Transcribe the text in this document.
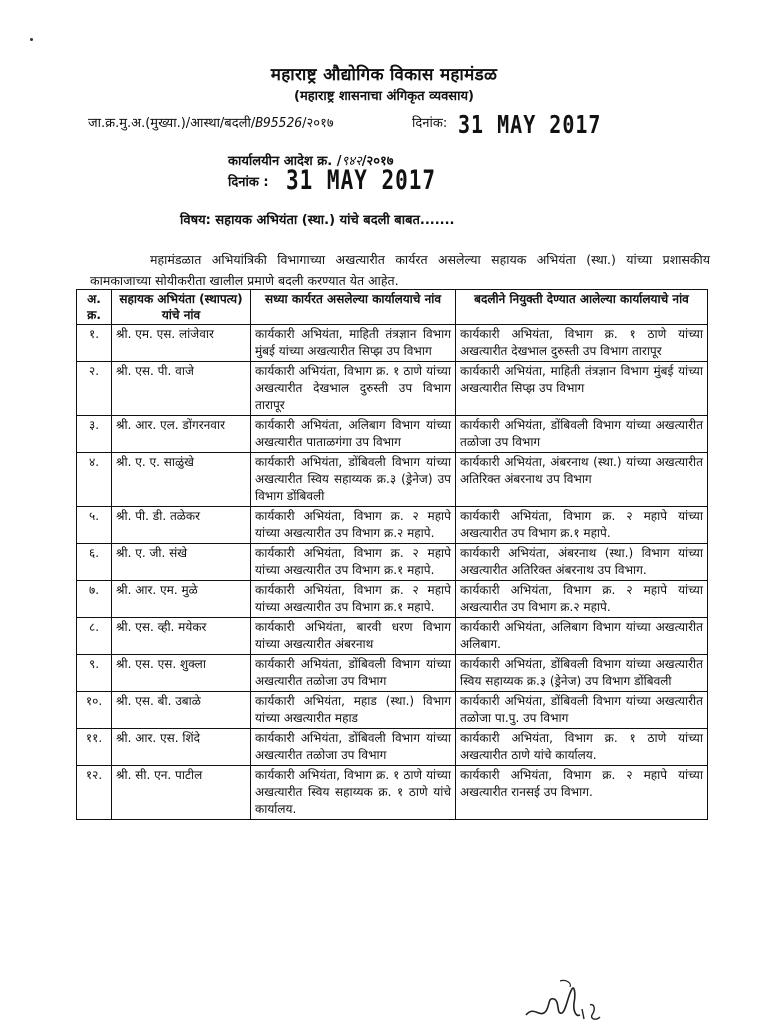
महाराष्ट्र औद्योगिक विकास महामंडळ
(महाराष्ट्र शासनाचा अंगिकृत व्यवसाय)
जा.क्र.मु.अ.(मुख्या.)/आस्था/बदली/B95526/२०१७	दिनांक: 31 MAY 2017
कार्यालयीन आदेश क्र. /९४२/२०१७
दिनांक : 31 MAY 2017
विषय: सहायक अभियंता (स्था.) यांचे बदली बाबत.......
महामंडळात अभियांत्रिकी विभागाच्या अखत्यारीत कार्यरत असलेल्या सहायक अभियंता (स्था.) यांच्या प्रशासकीय कामकाजाच्या सोयीकरीता खालील प्रमाणे बदली करण्यात येत आहेत.
अ. क्र.	सहायक अभियंता (स्थापत्य) यांचे नांव	सध्या कार्यरत असलेल्या कार्यालयाचे नांव	बदलीने नियुक्ती देण्यात आलेल्या कार्यालयाचे नांव
१.	श्री. एम. एस. लांजेवार	कार्यकारी अभियंता, माहिती तंत्रज्ञान विभाग मुंबई यांच्या अखत्यारीत सिप्झ उप विभाग	कार्यकारी अभियंता, विभाग क्र. १ ठाणे यांच्या अखत्यारीत देखभाल दुरुस्ती उप विभाग तारापूर
२.	श्री. एस. पी. वाजे	कार्यकारी अभियंता, विभाग क्र. १ ठाणे यांच्या अखत्यारीत देखभाल दुरुस्ती उप विभाग तारापूर	कार्यकारी अभियंता, माहिती तंत्रज्ञान विभाग मुंबई यांच्या अखत्यारीत सिप्झ उप विभाग
३.	श्री. आर. एल. डोंगरनवार	कार्यकारी अभियंता, अलिबाग विभाग यांच्या अखत्यारीत पाताळगंगा उप विभाग	कार्यकारी अभियंता, डोंबिवली विभाग यांच्या अखत्यारीत तळोजा उप विभाग
४.	श्री. ए. ए. साळुंखे	कार्यकारी अभियंता, डोंबिवली विभाग यांच्या अखत्यारीत स्विय सहाय्यक क्र.३ (ड्रेनेज) उप विभाग डोंबिवली	कार्यकारी अभियंता, अंबरनाथ (स्था.) यांच्या अखत्यारीत अतिरिक्त अंबरनाथ उप विभाग
५.	श्री. पी. डी. तळेकर	कार्यकारी अभियंता, विभाग क्र. २ महापे यांच्या अखत्यारीत उप विभाग क्र.२ महापे.	कार्यकारी अभियंता, विभाग क्र. २ महापे यांच्या अखत्यारीत उप विभाग क्र.१ महापे.
६.	श्री. ए. जी. संखे	कार्यकारी अभियंता, विभाग क्र. २ महापे यांच्या अखत्यारीत उप विभाग क्र.१ महापे.	कार्यकारी अभियंता, अंबरनाथ (स्था.) विभाग यांच्या अखत्यारीत अतिरिक्त अंबरनाथ उप विभाग.
७.	श्री. आर. एम. मुळे	कार्यकारी अभियंता, विभाग क्र. २ महापे यांच्या अखत्यारीत उप विभाग क्र.१ महापे.	कार्यकारी अभियंता, विभाग क्र. २ महापे यांच्या अखत्यारीत उप विभाग क्र.२ महापे.
८.	श्री. एस. व्ही. मयेकर	कार्यकारी अभियंता, बारवी धरण विभाग यांच्या अखत्यारीत अंबरनाथ	कार्यकारी अभियंता, अलिबाग विभाग यांच्या अखत्यारीत अलिबाग.
९.	श्री. एस. एस. शुक्ला	कार्यकारी अभियंता, डोंबिवली विभाग यांच्या अखत्यारीत तळोजा उप विभाग	कार्यकारी अभियंता, डोंबिवली विभाग यांच्या अखत्यारीत स्विय सहाय्यक क्र.३ (ड्रेनेज) उप विभाग डोंबिवली
१०.	श्री. एस. बी. उबाळे	कार्यकारी अभियंता, महाड (स्था.) विभाग यांच्या अखत्यारीत महाड	कार्यकारी अभियंता, डोंबिवली विभाग यांच्या अखत्यारीत तळोजा पा.पु. उप विभाग
११.	श्री. आर. एस. शिंदे	कार्यकारी अभियंता, डोंबिवली विभाग यांच्या अखत्यारीत तळोजा उप विभाग	कार्यकारी अभियंता, विभाग क्र. १ ठाणे यांच्या अखत्यारीत ठाणे यांचे कार्यालय.
१२.	श्री. सी. एन. पाटील	कार्यकारी अभियंता, विभाग क्र. १ ठाणे यांच्या अखत्यारीत स्विय सहाय्यक क्र. १ ठाणे यांचे कार्यालय.	कार्यकारी अभियंता, विभाग क्र. २ महापे यांच्या अखत्यारीत रानसई उप विभाग.
